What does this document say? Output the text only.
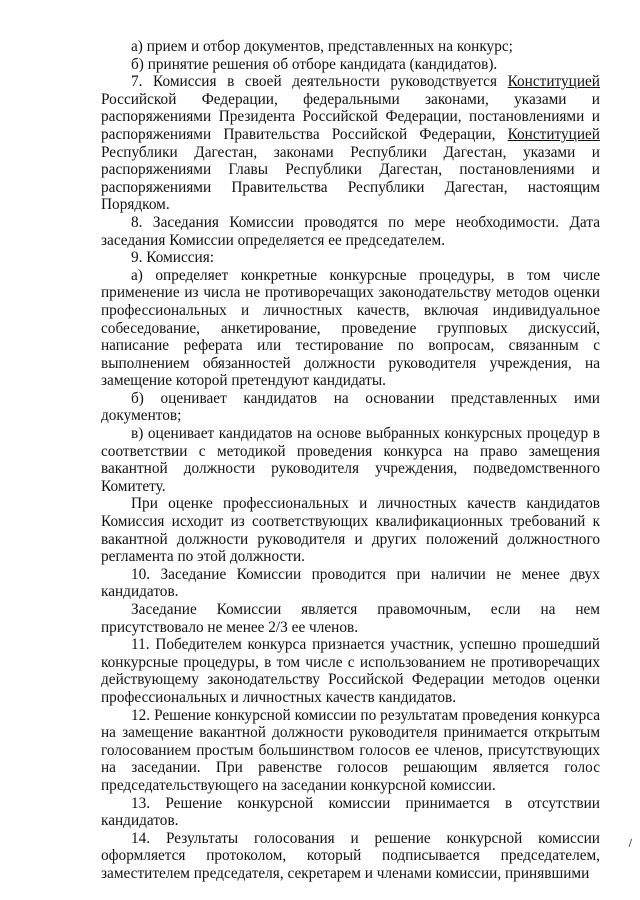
а) прием и отбор документов, представленных на конкурс;

б) принятие решения об отборе кандидата (кандидатов).

7. Комиссия в своей деятельности руководствуется Конституцией Российской Федерации, федеральными законами, указами и распоряжениями Президента Российской Федерации, постановлениями и распоряжениями Правительства Российской Федерации, Конституцией Республики Дагестан, законами Республики Дагестан, указами и распоряжениями Главы Республики Дагестан, постановлениями и распоряжениями Правительства Республики Дагестан, настоящим Порядком.

8. Заседания Комиссии проводятся по мере необходимости. Дата заседания Комиссии определяется ее председателем.

9. Комиссия:

а) определяет конкретные конкурсные процедуры, в том числе применение из числа не противоречащих законодательству методов оценки профессиональных и личностных качеств, включая индивидуальное собеседование, анкетирование, проведение групповых дискуссий, написание реферата или тестирование по вопросам, связанным с выполнением обязанностей должности руководителя учреждения, на замещение которой претендуют кандидаты.

б) оценивает кандидатов на основании представленных ими документов;

в) оценивает кандидатов на основе выбранных конкурсных процедур в соответствии с методикой проведения конкурса на право замещения вакантной должности руководителя учреждения, подведомственного Комитету.

При оценке профессиональных и личностных качеств кандидатов Комиссия исходит из соответствующих квалификационных требований к вакантной должности руководителя и других положений должностного регламента по этой должности.

10. Заседание Комиссии проводится при наличии не менее двух кандидатов.

Заседание Комиссии является правомочным, если на нем присутствовало не менее 2/3 ее членов.

11. Победителем конкурса признается участник, успешно прошедший конкурсные процедуры, в том числе с использованием не противоречащих действующему законодательству Российской Федерации методов оценки профессиональных и личностных качеств кандидатов.

12. Решение конкурсной комиссии по результатам проведения конкурса на замещение вакантной должности руководителя принимается открытым голосованием простым большинством голосов ее членов, присутствующих на заседании. При равенстве голосов решающим является голос председательствующего на заседании конкурсной комиссии.

13. Решение конкурсной комиссии принимается в отсутствии кандидатов.

14. Результаты голосования и решение конкурсной комиссии оформляется протоколом, который подписывается председателем, заместителем председателя, секретарем и членами комиссии, принявшими

/
